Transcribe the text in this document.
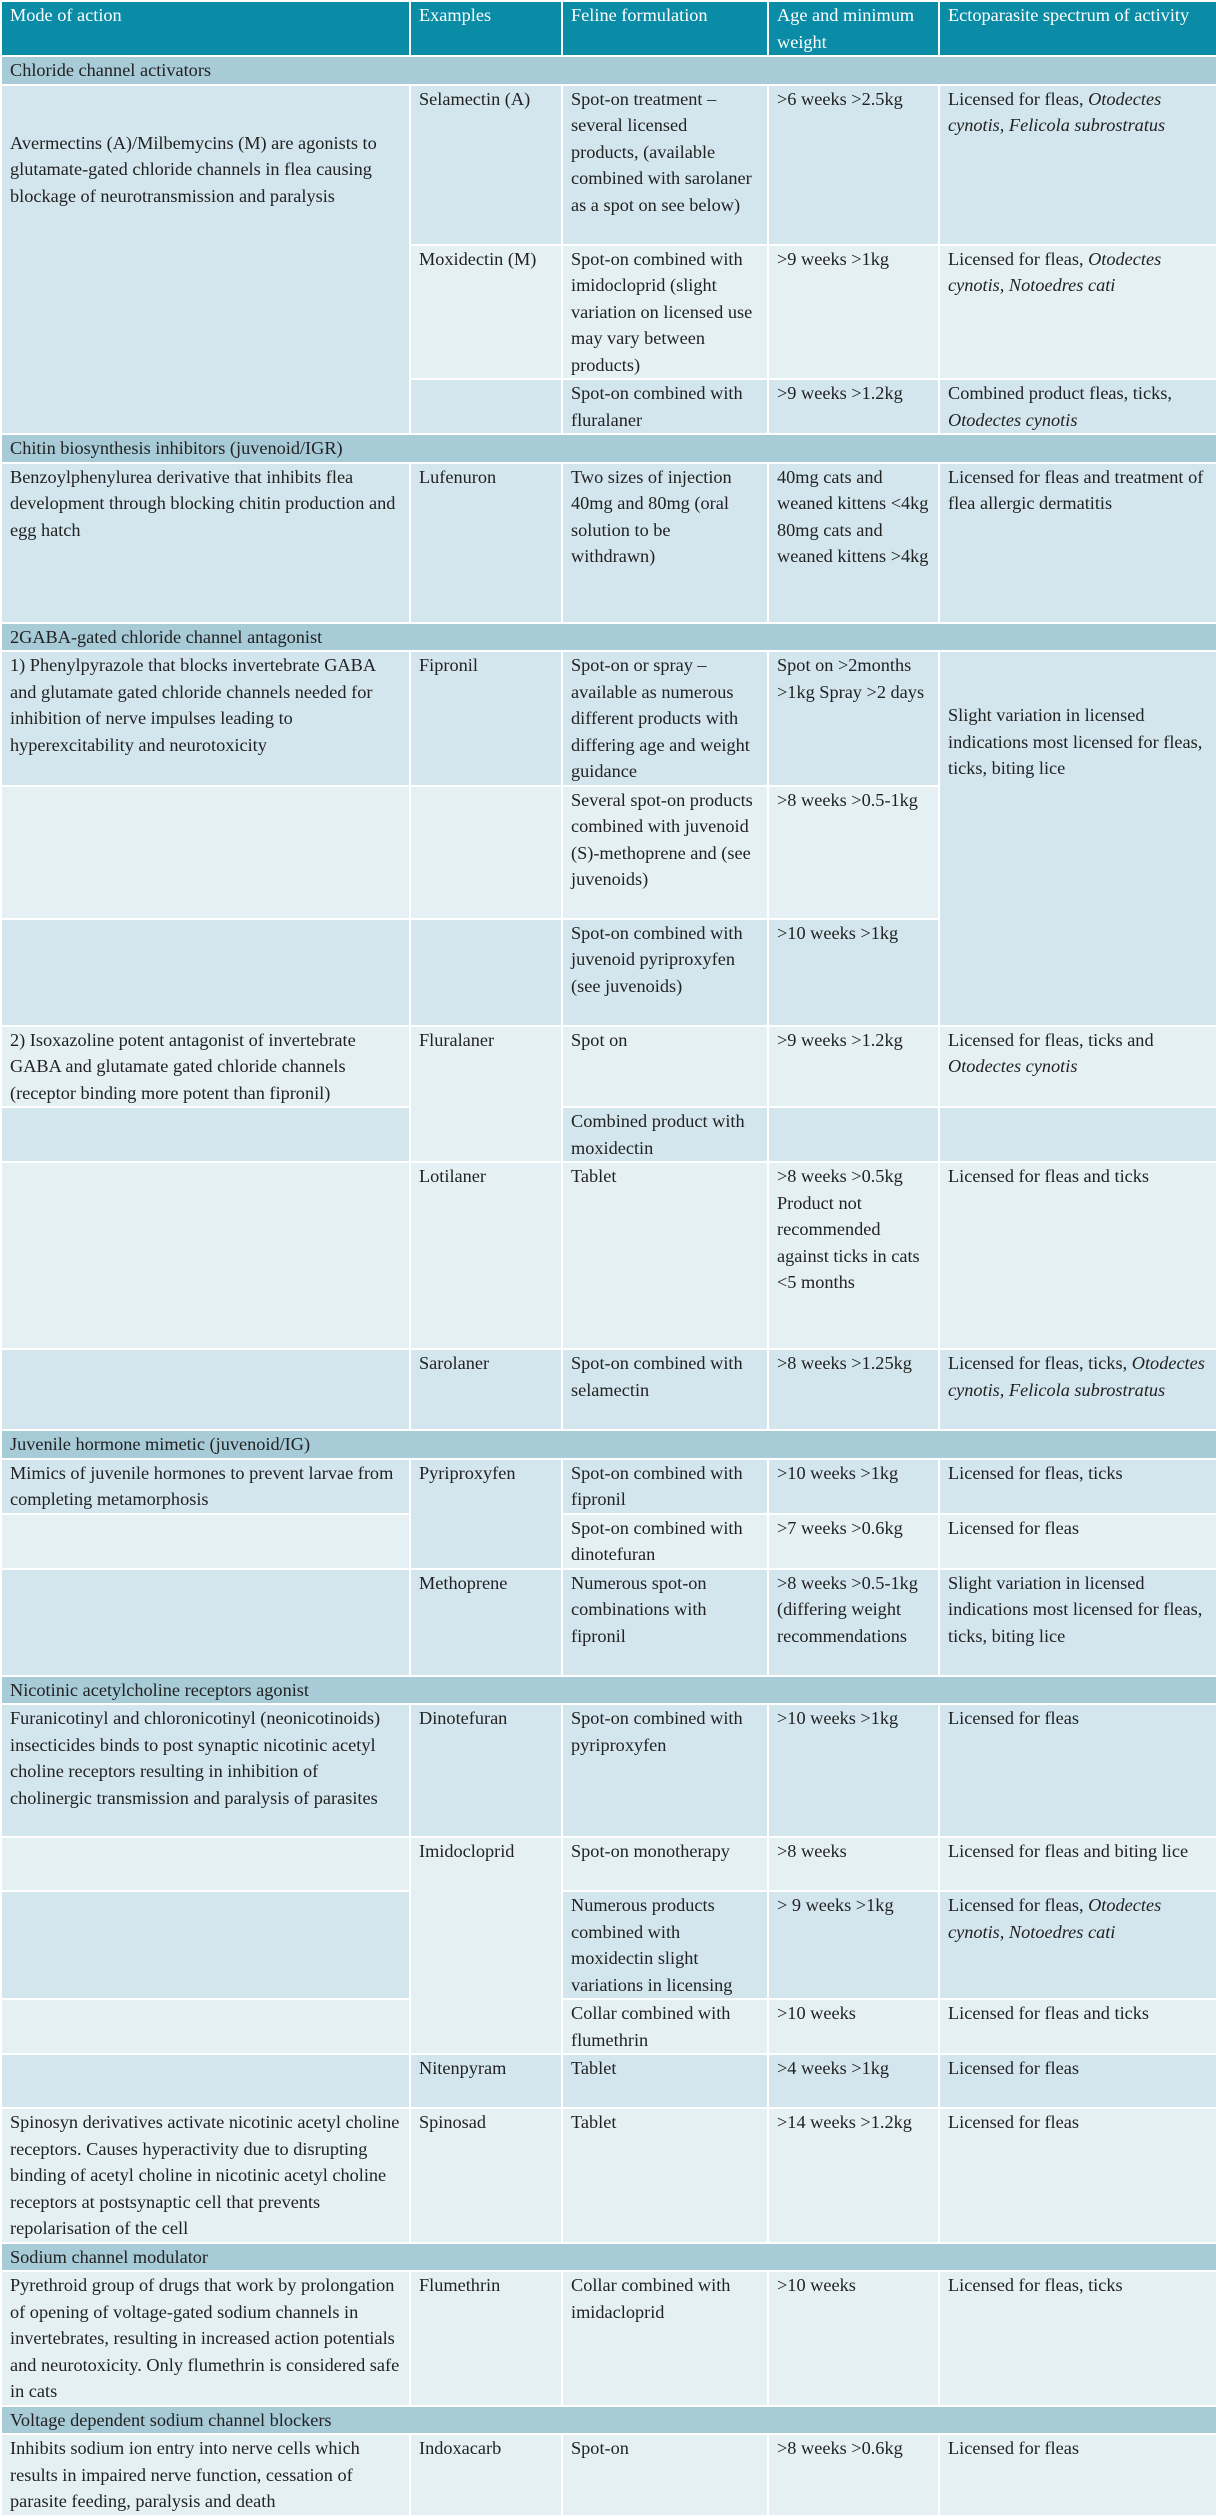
Mode of action	Examples	Feline formulation	Age and minimum weight	Ectoparasite spectrum of activity
Chloride channel activators				
Avermectins (A)/Milbemycins (M) are agonists to glutamate-gated chloride channels in flea causing blockage of neurotransmission and paralysis	Selamectin (A)	Spot-on treatment – several licensed products, (available combined with sarolaner as a spot on see below)	>6 weeks >2.5kg	Licensed for fleas, Otodectes cynotis, Felicola subrostratus
	Moxidectin (M)	Spot-on combined with imidocloprid (slight variation on licensed use may vary between products)	>9 weeks >1kg	Licensed for fleas, Otodectes cynotis, Notoedres cati
		Spot-on combined with fluralaner	>9 weeks >1.2kg	Combined product fleas, ticks, Otodectes cynotis
Chitin biosynthesis inhibitors (juvenoid/IGR)				
Benzoylphenylurea derivative that inhibits flea development through blocking chitin production and egg hatch	Lufenuron	Two sizes of injection 40mg and 80mg (oral solution to be withdrawn)	40mg cats and weaned kittens <4kg 80mg cats and weaned kittens >4kg	Licensed for fleas and treatment of flea allergic dermatitis
2GABA-gated chloride channel antagonist				
1) Phenylpyrazole that blocks invertebrate GABA and glutamate gated chloride channels needed for inhibition of nerve impulses leading to hyperexcitability and neurotoxicity	Fipronil	Spot-on or spray – available as numerous different products with differing age and weight guidance	Spot on >2months >1kg Spray >2 days	Slight variation in licensed indications most licensed for fleas, ticks, biting lice
		Several spot-on products combined with juvenoid (S)-methoprene and (see juvenoids)	>8 weeks >0.5-1kg	
		Spot-on combined with juvenoid pyriproxyfen (see juvenoids)	>10 weeks >1kg	
2) Isoxazoline potent antagonist of invertebrate GABA and glutamate gated chloride channels (receptor binding more potent than fipronil)	Fluralaner	Spot on	>9 weeks >1.2kg	Licensed for fleas, ticks and Otodectes cynotis
		Combined product with moxidectin		
	Lotilaner	Tablet	>8 weeks >0.5kg Product not recommended against ticks in cats <5 months	Licensed for fleas and ticks
	Sarolaner	Spot-on combined with selamectin	>8 weeks >1.25kg	Licensed for fleas, ticks, Otodectes cynotis, Felicola subrostratus
Juvenile hormone mimetic (juvenoid/IG)				
Mimics of juvenile hormones to prevent larvae from completing metamorphosis	Pyriproxyfen	Spot-on combined with fipronil	>10 weeks >1kg	Licensed for fleas, ticks
		Spot-on combined with dinotefuran	>7 weeks >0.6kg	Licensed for fleas
	Methoprene	Numerous spot-on combinations with fipronil	>8 weeks >0.5-1kg (differing weight recommendations	Slight variation in licensed indications most licensed for fleas, ticks, biting lice
Nicotinic acetylcholine receptors agonist				
Furanicotinyl and chloronicotinyl (neonicotinoids) insecticides binds to post synaptic nicotinic acetyl choline receptors resulting in inhibition of cholinergic transmission and paralysis of parasites	Dinotefuran	Spot-on combined with pyriproxyfen	>10 weeks >1kg	Licensed for fleas
	Imidocloprid	Spot-on monotherapy	>8 weeks	Licensed for fleas and biting lice
		Numerous products combined with moxidectin slight variations in licensing	> 9 weeks >1kg	Licensed for fleas, Otodectes cynotis, Notoedres cati
		Collar combined with flumethrin	>10 weeks	Licensed for fleas and ticks
	Nitenpyram	Tablet	>4 weeks >1kg	Licensed for fleas
Spinosyn derivatives activate nicotinic acetyl choline receptors. Causes hyperactivity due to disrupting binding of acetyl choline in nicotinic acetyl choline receptors at postsynaptic cell that prevents repolarisation of the cell	Spinosad	Tablet	>14 weeks >1.2kg	Licensed for fleas
Sodium channel modulator				
Pyrethroid group of drugs that work by prolongation of opening of voltage-gated sodium channels in invertebrates, resulting in increased action potentials and neurotoxicity. Only flumethrin is considered safe in cats	Flumethrin	Collar combined with imidacloprid	>10 weeks	Licensed for fleas, ticks
Voltage dependent sodium channel blockers				
Inhibits sodium ion entry into nerve cells which results in impaired nerve function, cessation of parasite feeding, paralysis and death	Indoxacarb	Spot-on	>8 weeks >0.6kg	Licensed for fleas
